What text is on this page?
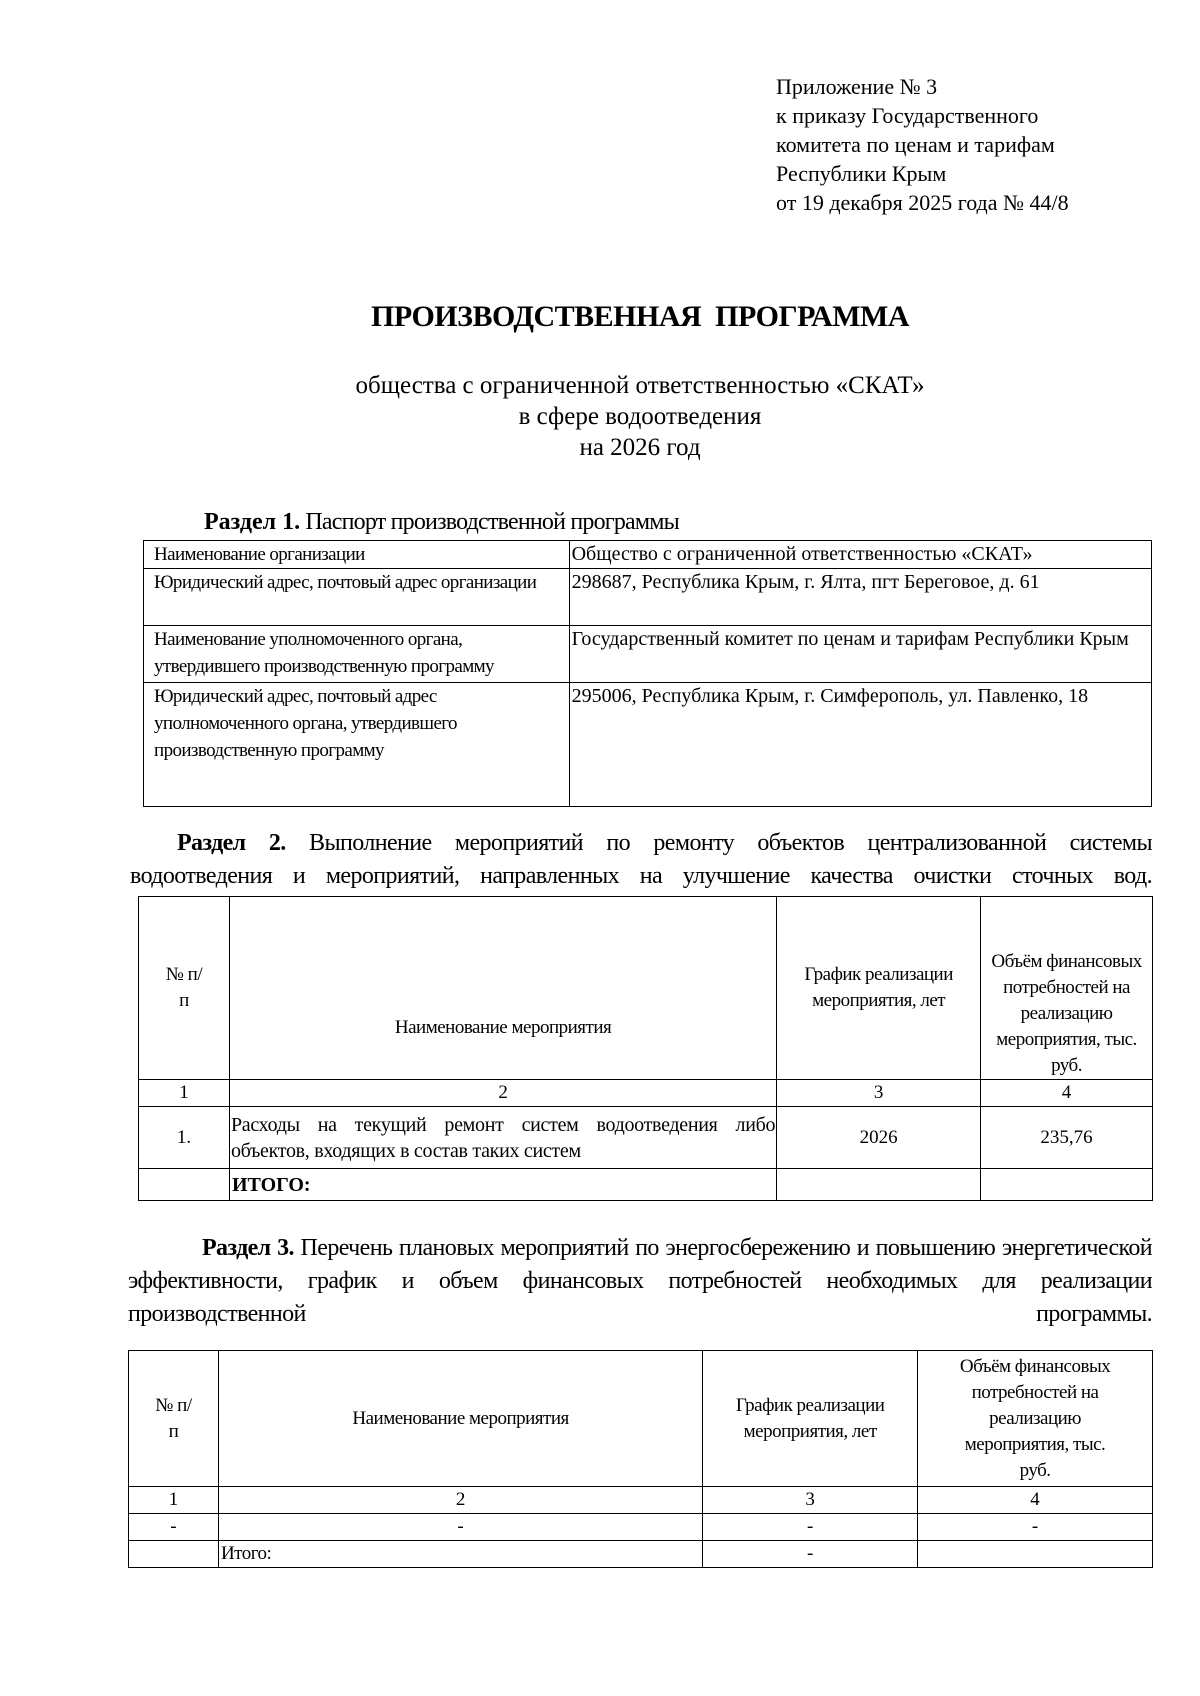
Приложение № 3
к приказу Государственного
комитета по ценам и тарифам
Республики Крым
от 19 декабря 2025 года № 44/8
ПРОИЗВОДСТВЕННАЯ  ПРОГРАММА
общества с ограниченной ответственностью «СКАТ»
в сфере водоотведения
на 2026 год
Раздел 1. Паспорт производственной программы
Наименование организации	Общество с ограниченной ответственностью «СКАТ»
Юридический адрес, почтовый адрес организации	298687, Республика Крым, г. Ялта, пгт Береговое, д. 61
Наименование уполномоченного органа, утвердившего производственную программу	Государственный комитет по ценам и тарифам Республики Крым
Юридический адрес, почтовый адрес уполномоченного органа, утвердившего производственную программу	295006, Республика Крым, г. Симферополь, ул. Павленко, 18
Раздел 2. Выполнение мероприятий по ремонту объектов централизованной системы водоотведения и мероприятий, направленных на улучшение качества очистки сточных вод.
№ п/п	Наименование мероприятия	График реализации мероприятия, лет	Объём финансовых потребностей на реализацию мероприятия, тыс. руб.
1	2	3	4
1.	Расходы на текущий ремонт систем водоотведения либо объектов, входящих в состав таких систем	2026	235,76
	ИТОГО:		
Раздел 3. Перечень плановых мероприятий по энергосбережению и повышению энергетической эффективности, график и объем финансовых потребностей необходимых для реализации производственной программы.
№ п/п	Наименование мероприятия	График реализации мероприятия, лет	Объём финансовых потребностей на реализацию мероприятия, тыс. руб.
1	2	3	4
-	-	-	-
	Итого:	-	
